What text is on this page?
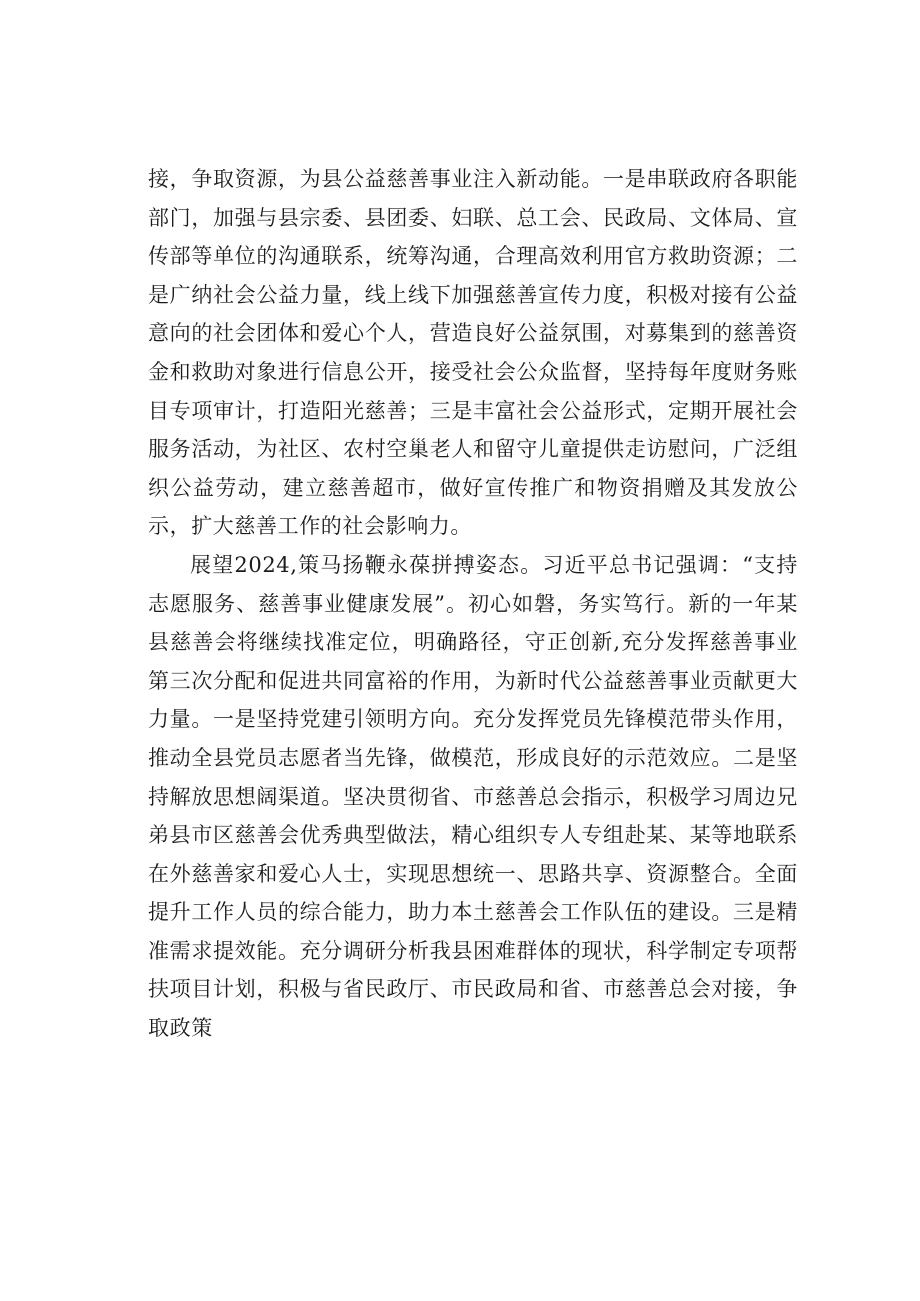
接，争取资源，为县公益慈善事业注入新动能。一是串联政府各职能部门，加强与县宗委、县团委、妇联、总工会、民政局、文体局、宣传部等单位的沟通联系，统筹沟通，合理高效利用官方救助资源；二是广纳社会公益力量，线上线下加强慈善宣传力度，积极对接有公益意向的社会团体和爱心个人，营造良好公益氛围，对募集到的慈善资金和救助对象进行信息公开，接受社会公众监督，坚持每年度财务账目专项审计，打造阳光慈善；三是丰富社会公益形式，定期开展社会服务活动，为社区、农村空巢老人和留守儿童提供走访慰问，广泛组织公益劳动，建立慈善超市，做好宣传推广和物资捐赠及其发放公示，扩大慈善工作的社会影响力。

展望2024,策马扬鞭永葆拼搏姿态。习近平总书记强调：“支持志愿服务、慈善事业健康发展”。初心如磐，务实笃行。新的一年某县慈善会将继续找准定位，明确路径，守正创新,充分发挥慈善事业第三次分配和促进共同富裕的作用，为新时代公益慈善事业贡献更大力量。一是坚持党建引领明方向。充分发挥党员先锋模范带头作用，推动全县党员志愿者当先锋，做模范，形成良好的示范效应。二是坚持解放思想阔渠道。坚决贯彻省、市慈善总会指示，积极学习周边兄弟县市区慈善会优秀典型做法，精心组织专人专组赴某、某等地联系在外慈善家和爱心人士，实现思想统一、思路共享、资源整合。全面提升工作人员的综合能力，助力本土慈善会工作队伍的建设。三是精准需求提效能。充分调研分析我县困难群体的现状，科学制定专项帮扶项目计划，积极与省民政厅、市民政局和省、市慈善总会对接，争取政策
